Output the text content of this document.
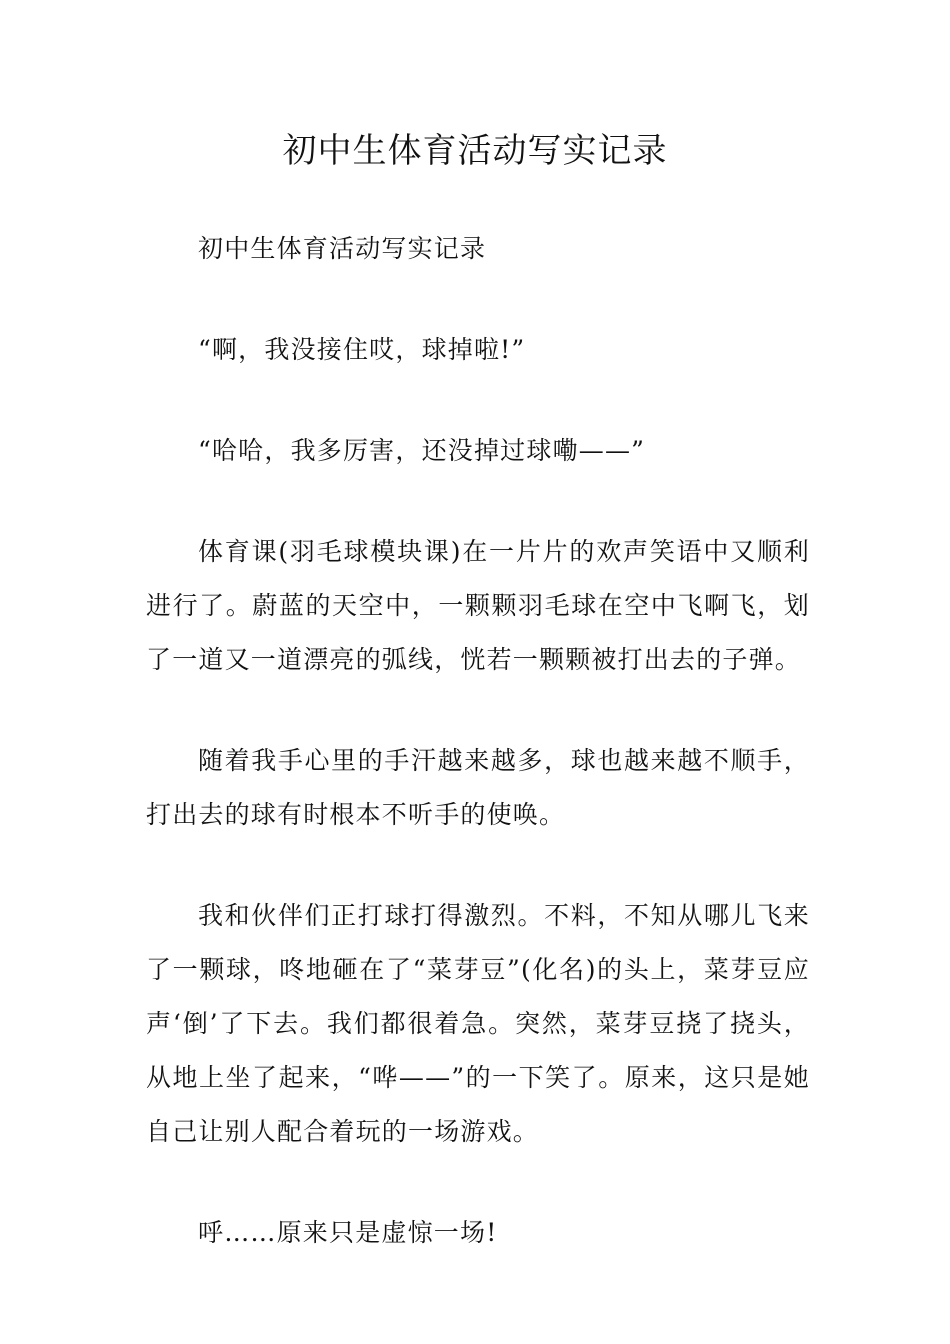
初中生体育活动写实记录

初中生体育活动写实记录

“啊，我没接住哎，球掉啦!”

“哈哈，我多厉害，还没掉过球嘞——”

体育课(羽毛球模块课)在一片片的欢声笑语中又顺利进行了。蔚蓝的天空中，一颗颗羽毛球在空中飞啊飞，划了一道又一道漂亮的弧线，恍若一颗颗被打出去的子弹。

随着我手心里的手汗越来越多，球也越来越不顺手，打出去的球有时根本不听手的使唤。

我和伙伴们正打球打得激烈。不料，不知从哪儿飞来了一颗球，咚地砸在了“菜芽豆”(化名)的头上，菜芽豆应声‘倒’了下去。我们都很着急。突然，菜芽豆挠了挠头，从地上坐了起来，“哗——”的一下笑了。原来，这只是她自己让别人配合着玩的一场游戏。

呼……原来只是虚惊一场!
